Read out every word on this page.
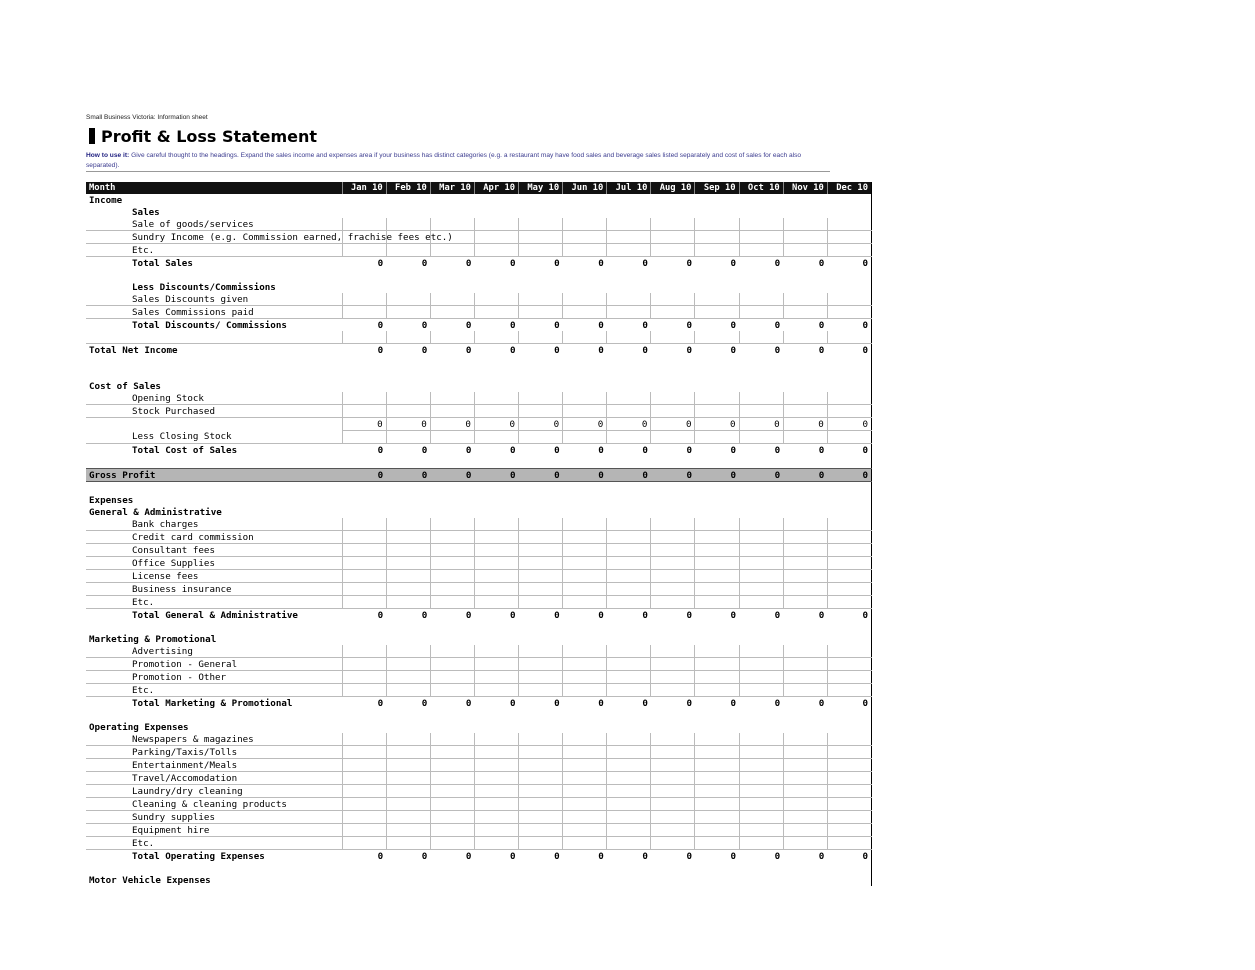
Small Business Victoria: Information sheet
Profit & Loss Statement
How to use it: Give careful thought to the headings. Expand the sales income and expenses area if your business has distinct categories (e.g. a restaurant may have food sales and beverage sales listed separately and cost of sales for each also separated).
Month	Jan 10	Feb 10	Mar 10	Apr 10	May 10	Jun 10	Jul 10	Aug 10	Sep 10	Oct 10	Nov 10	Dec 10
Income												
Sales												
Sale of goods/services												
Sundry Income (e.g. Commission earned, frachise fees etc.)												
Etc.												
Total Sales	0	0	0	0	0	0	0	0	0	0	0	0

Less Discounts/Commissions												
Sales Discounts given												
Sales Commissions paid												
Total Discounts/ Commissions	0	0	0	0	0	0	0	0	0	0	0	0

Total Net Income	0	0	0	0	0	0	0	0	0	0	0	0

Cost of Sales												
Opening Stock												
Stock Purchased												
	0	0	0	0	0	0	0	0	0	0	0	0
Less Closing Stock												
Total Cost of Sales	0	0	0	0	0	0	0	0	0	0	0	0

Gross Profit	0	0	0	0	0	0	0	0	0	0	0	0

Expenses												
General & Administrative												
Bank charges												
Credit card commission												
Consultant fees												
Office Supplies												
License fees												
Business insurance												
Etc.												
Total General & Administrative	0	0	0	0	0	0	0	0	0	0	0	0

Marketing & Promotional												
Advertising												
Promotion - General												
Promotion - Other												
Etc.												
Total Marketing & Promotional	0	0	0	0	0	0	0	0	0	0	0	0

Operating Expenses												
Newspapers & magazines												
Parking/Taxis/Tolls												
Entertainment/Meals												
Travel/Accomodation												
Laundry/dry cleaning												
Cleaning & cleaning products												
Sundry supplies												
Equipment hire												
Etc.												
Total Operating Expenses	0	0	0	0	0	0	0	0	0	0	0	0

Motor Vehicle Expenses												
